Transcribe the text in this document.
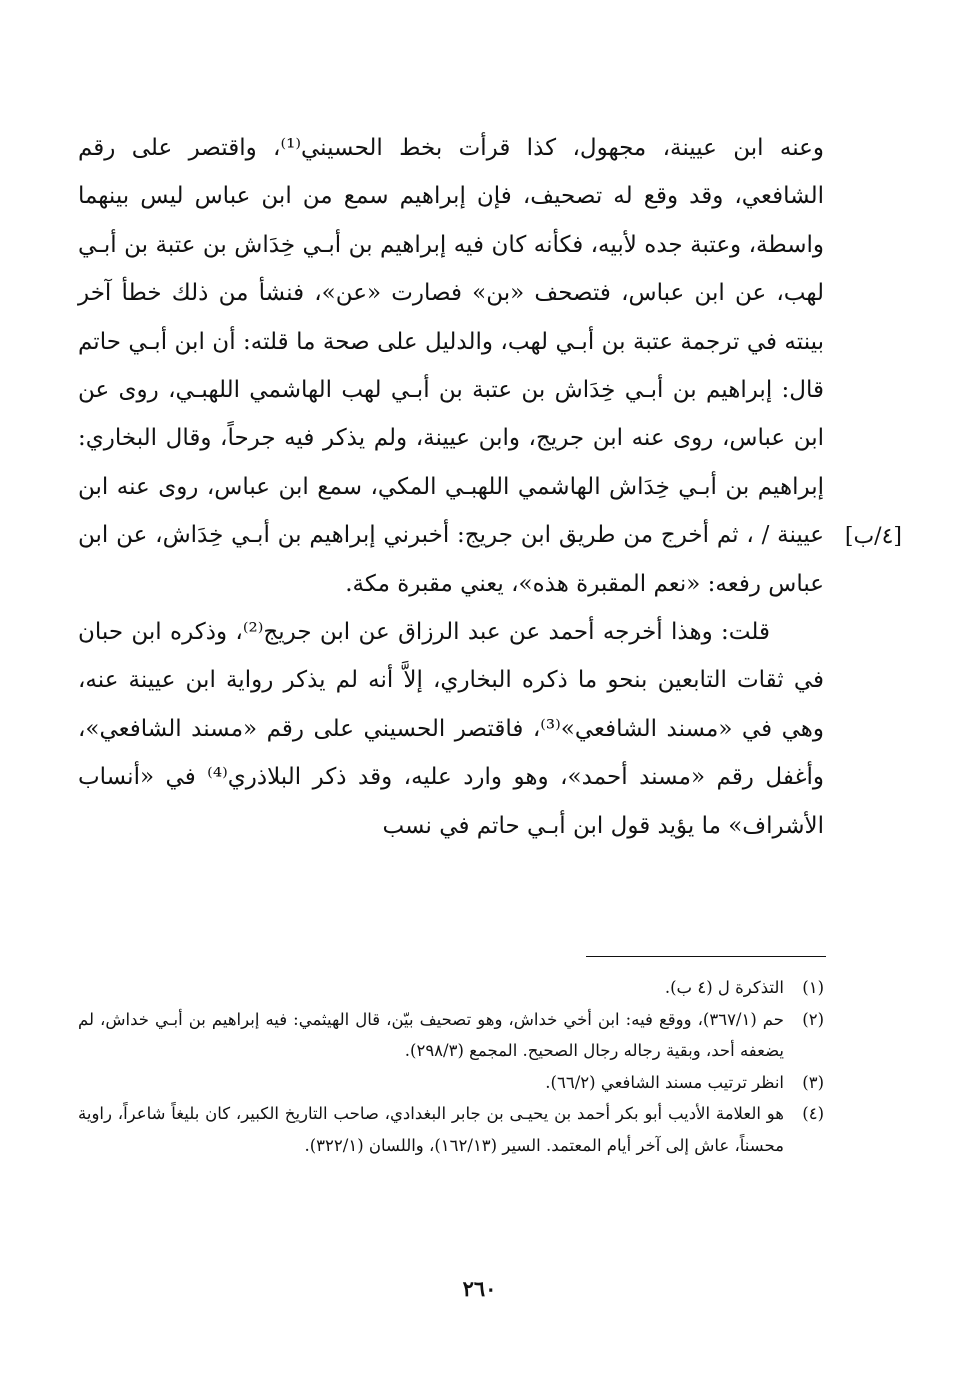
وعنه ابن عيينة، مجهول، كذا قرأت بخط الحسيني⁽¹⁾، واقتصر على رقم الشافعي، وقد وقع له تصحيف، فإن إبراهيم سمع من ابن عباس ليس بينهما واسطة، وعتبة جده لأبيه، فكأنه كان فيه إبراهيم بن أبـي خِدَاش بن عتبة بن أبـي لهب، عن ابن عباس، فتصحف «بن» فصارت «عن»، فنشأ من ذلك خطأ آخر بينته في ترجمة عتبة بن أبـي لهب، والدليل على صحة ما قلته: أن ابن أبـي حاتم قال: إبراهيم بن أبـي خِدَاش بن عتبة بن أبـي لهب الهاشمي اللهبـي، روى عن ابن عباس، روى عنه ابن جريج، وابن عيينة، ولم يذكر فيه جرحاً، وقال البخاري: إبراهيم بن أبـي خِدَاش الهاشمي اللهبـي المكي، سمع ابن عباس، روى عنه ابن عيينة / ، ثم أخرج من طريق ابن جريج: أخبرني إبراهيم بن أبـي خِدَاش، عن ابن عباس رفعه: «نعم المقبرة هذه»، يعني مقبرة مكة.

قلت: وهذا أخرجه أحمد عن عبد الرزاق عن ابن جريج⁽²⁾، وذكره ابن حبان في ثقات التابعين بنحو ما ذكره البخاري، إلاَّ أنه لم يذكر رواية ابن عيينة عنه، وهي في «مسند الشافعي»⁽³⁾، فاقتصر الحسيني على رقم «مسند الشافعي»، وأغفل رقم «مسند أحمد»، وهو وارد عليه، وقد ذكر البلاذري⁽⁴⁾ في «أنساب الأشراف» ما يؤيد قول ابن أبـي حاتم في نسب

[٤/ب]
(١)
التذكرة ل (٤ ب).
(٢)
حم (٣٦٧/١)، ووقع فيه: ابن أخي خداش، وهو تصحيف بيّن، قال الهيثمي: فيه إبراهيم بن أبـي خداش، لم يضعفه أحد، وبقية رجاله رجال الصحيح. المجمع (٢٩٨/٣).
(٣)
انظر ترتيب مسند الشافعي (٦٦/٢).
(٤)
هو العلامة الأديب أبو بكر أحمد بن يحيـى بن جابر البغدادي، صاحب التاريخ الكبير، كان بليغاً شاعراً، راوية محسناً، عاش إلى آخر أيام المعتمد. السير (١٦٢/١٣)، واللسان (٣٢٢/١).
٢٦٠
